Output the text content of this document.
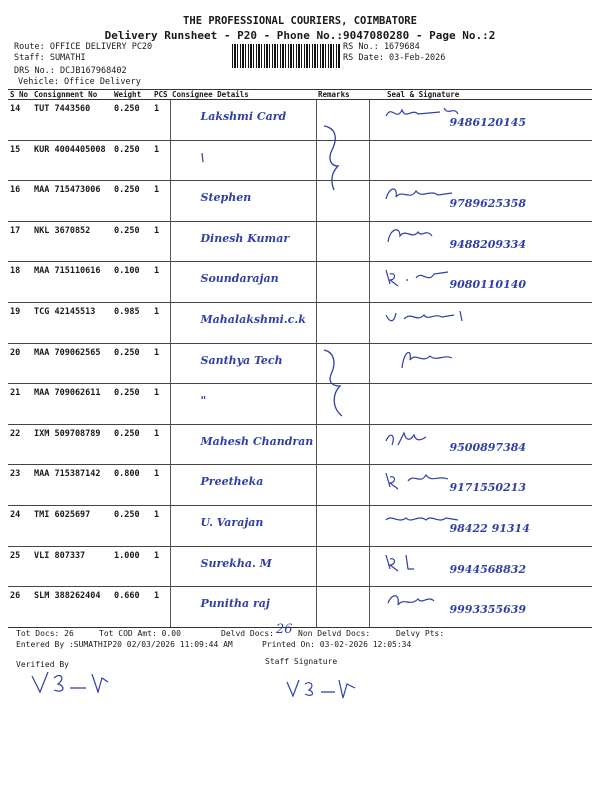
THE PROFESSIONAL COURIERS, COIMBATORE
Delivery Runsheet - P20 - Phone No.:9047080280 - Page No.:2
Route: OFFICE DELIVERY PC20
Staff: SUMATHI
DRS No.: DCJB167968402
Vehicle: Office Delivery
RS No.: 1679684
RS Date: 03-Feb-2026
S No	Consignment No	Weight	PCS	Consignee Details	Remarks	Seal & Signature
14	TUT 7443560	0.250	1	Lakshmi Card		9486120145

15	KUR 4004405008	0.250	1	\		

16	MAA 715473006	0.250	1	Stephen		9789625358

17	NKL 3670852	0.250	1	Dinesh Kumar		9488209334

18	MAA 715110616	0.100	1	Soundarajan		9080110140

19	TCG 42145513	0.985	1	Mahalakshmi.c.k

20	MAA 709062565	0.250	1	Santhya Tech

21	MAA 709062611	0.250	1	"		

22	IXM 509708789	0.250	1	Mahesh Chandran		9500897384

23	MAA 715387142	0.800	1	Preetheka		9171550213

24	TMI 6025697	0.250	1	U. Varajan		98422 91314

25	VLI 807337	1.000	1	Surekha. M		9944568832

26	SLM 388262404	0.660	1	Punitha raj		9993355639
Tot Docs: 26	Tot COD Amt: 0.00	Delvd Docs: 26 Non Delvd Docs:	Delvy Pts:
Entered By :SUMATHIP20 02/03/2026 11:09:44 AM	Printed On: 03-02-2026 12:05:34
Verified By	Staff Signature
